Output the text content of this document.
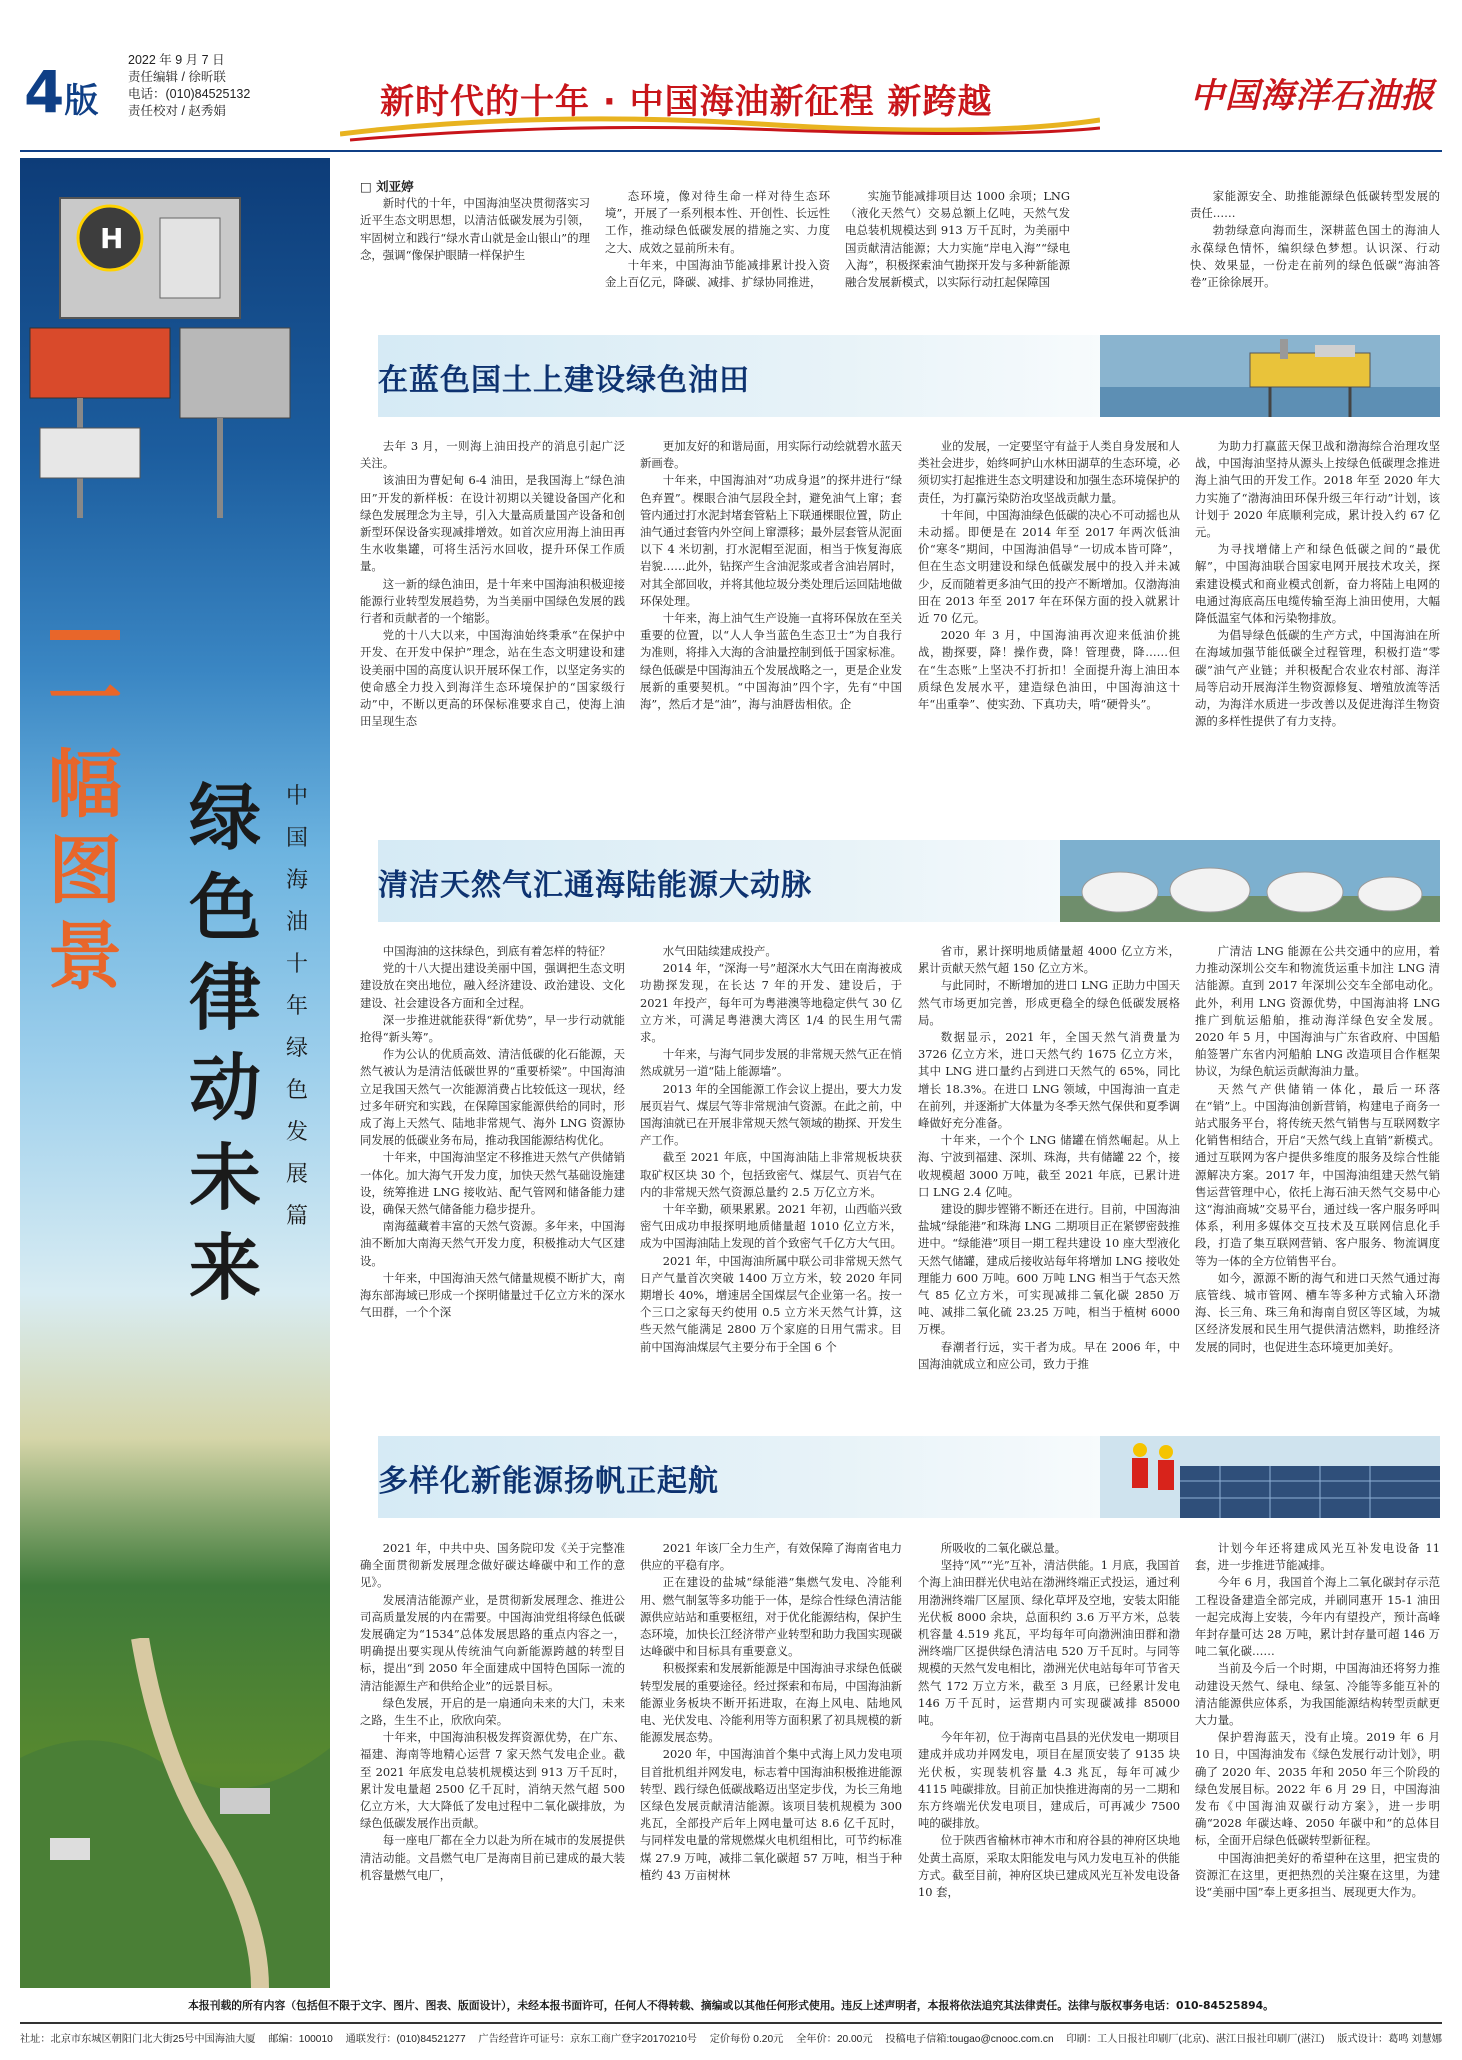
4版
2022 年 9 月 7 日
责任编辑 / 徐昕联
电话：(010)84525132
责任校对 / 赵秀娟	新时代的十年 · 中国海油新征程 新跨越	中国海洋石油报
H
一幅图景
绿色律动未来
中国海油十年绿色发展篇

□ 刘亚婷

新时代的十年，中国海油坚决贯彻落实习近平生态文明思想，以清洁低碳发展为引领，牢固树立和践行“绿水青山就是金山银山”的理念，强调“像保护眼睛一样保护生

态环境，像对待生命一样对待生态环境”，开展了一系列根本性、开创性、长远性工作，推动绿色低碳发展的措施之实、力度之大、成效之显前所未有。

十年来，中国海油节能减排累计投入资金上百亿元，降碳、减排、扩绿协同推进，

实施节能减排项目达 1000 余项；LNG（液化天然气）交易总额上亿吨，天然气发电总装机规模达到 913 万千瓦时，为美丽中国贡献清洁能源；大力实施“岸电入海”“绿电入海”，积极探索油气勘探开发与多种新能源融合发展新模式，以实际行动扛起保障国

家能源安全、助推能源绿色低碳转型发展的责任……

勃勃绿意向海而生，深耕蓝色国土的海油人永葆绿色情怀，编织绿色梦想。认识深、行动快、效果显，一份走在前列的绿色低碳“海油答卷”正徐徐展开。

在蓝色国土上建设绿色油田

去年 3 月，一则海上油田投产的消息引起广泛关注。

该油田为曹妃甸 6-4 油田，是我国海上“绿色油田”开发的新样板：在设计初期以关键设备国产化和绿色发展理念为主导，引入大量高质量国产设备和创新型环保设备实现减排增效。如首次应用海上油田再生水收集罐，可将生活污水回收，提升环保工作质量。

这一新的绿色油田，是十年来中国海油积极迎接能源行业转型发展趋势，为当美丽中国绿色发展的践行者和贡献者的一个缩影。

党的十八大以来，中国海油始终秉承“在保护中开发、在开发中保护”理念，站在生态文明建设和建设美丽中国的高度认识开展环保工作，以坚定务实的使命感全力投入到海洋生态环境保护的“国家级行动”中，不断以更高的环保标准要求自己，使海上油田呈现生态

更加友好的和谐局面，用实际行动绘就碧水蓝天新画卷。

十年来，中国海油对“功成身退”的探井进行“绿色弃置”。棵眼合油气层段全封，避免油气上窜；套管内通过打水泥封堵套管粘上下联通棵眼位置，防止油气通过套管内外空间上窜漂移；最外层套管从泥面以下 4 米切割，打水泥帽至泥面，相当于恢复海底岩貌……此外，钻探产生含油泥浆或者含油岩屑时，对其全部回收，并将其他垃圾分类处理后运回陆地做环保处理。

十年来，海上油气生产设施一直将环保放在至关重要的位置，以“人人争当蓝色生态卫士”为自我行为准则，将排入大海的含油量控制到低于国家标准。绿色低碳是中国海油五个发展战略之一，更是企业发展新的重要契机。“中国海油”四个字，先有“中国海”，然后才是“油”，海与油唇齿相依。企

业的发展，一定要坚守有益于人类自身发展和人类社会进步，始终呵护山水林田湖草的生态环境，必须切实打起推进生态文明建设和加强生态环境保护的责任，为打赢污染防治攻坚战贡献力量。

十年间，中国海油绿色低碳的决心不可动摇也从未动摇。即便是在 2014 年至 2017 年两次低油价“寒冬”期间，中国海油倡导“一切成本皆可降”，但在生态文明建设和绿色低碳发展中的投入并未减少，反而随着更多油气田的投产不断增加。仅渤海油田在 2013 年至 2017 年在环保方面的投入就累计近 70 亿元。

2020 年 3 月，中国海油再次迎来低油价挑战，勘探要，降！操作费，降！管理费，降……但在“生态账”上坚决不打折扣！全面提升海上油田本质绿色发展水平，建造绿色油田，中国海油这十年“出重拳”、使实劲、下真功夫，啃“硬骨头”。

为助力打赢蓝天保卫战和渤海综合治理攻坚战，中国海油坚持从源头上按绿色低碳理念推进海上油气田的开发工作。2018 年至 2020 年大力实施了“渤海油田环保升级三年行动”计划，该计划于 2020 年底顺利完成，累计投入约 67 亿元。

为寻找增储上产和绿色低碳之间的“最优解”，中国海油联合国家电网开展技术攻关，探索建设模式和商业模式创新，奋力将陆上电网的电通过海底高压电缆传输至海上油田使用，大幅降低温室气体和污染物排放。

为倡导绿色低碳的生产方式，中国海油在所在海域加强节能低碳全过程管理，积极打造“零碳”油气产业链；并积极配合农业农村部、海洋局等启动开展海洋生物资源修复、增殖放流等活动，为海洋水质进一步改善以及促进海洋生物资源的多样性提供了有力支持。

清洁天然气汇通海陆能源大动脉

中国海油的这抹绿色，到底有着怎样的特征？

党的十八大提出建设美丽中国，强调把生态文明建设放在突出地位，融入经济建设、政治建设、文化建设、社会建设各方面和全过程。

深一步推进就能获得“新优势”，早一步行动就能抢得“新头筹”。

作为公认的优质高效、清洁低碳的化石能源，天然气被认为是清洁低碳世界的“重要桥梁”。中国海油立足我国天然气一次能源消费占比较低这一现状，经过多年研究和实践，在保障国家能源供给的同时，形成了海上天然气、陆地非常规气、海外 LNG 资源协同发展的低碳业务布局，推动我国能源结构优化。

十年来，中国海油坚定不移推进天然气产供储销一体化。加大海气开发力度，加快天然气基础设施建设，统筹推进 LNG 接收站、配气管网和储备能力建设，确保天然气储备能力稳步提升。

南海蕴藏着丰富的天然气资源。多年来，中国海油不断加大南海天然气开发力度，积极推动大气区建设。

十年来，中国海油天然气储量规模不断扩大，南海东部海域已形成一个探明储量过千亿立方米的深水气田群，一个个深

水气田陆续建成投产。

2014 年，“深海一号”超深水大气田在南海被成功勘探发现，在长达 7 年的开发、建设后，于 2021 年投产，每年可为粤港澳等地稳定供气 30 亿立方米，可满足粤港澳大湾区 1/4 的民生用气需求。

十年来，与海气同步发展的非常规天然气正在悄然成就另一道“陆上能源墙”。

2013 年的全国能源工作会议上提出，要大力发展页岩气、煤层气等非常规油气资源。在此之前，中国海油就已在开展非常规天然气领域的勘探、开发生产工作。

截至 2021 年底，中国海油陆上非常规板块获取矿权区块 30 个，包括致密气、煤层气、页岩气在内的非常规天然气资源总量约 2.5 万亿立方米。

十年辛勤，硕果累累。2021 年初，山西临兴致密气田成功申报探明地质储量超 1010 亿立方米，成为中国海油陆上发现的首个致密气千亿方大气田。

2021 年，中国海油所属中联公司非常规天然气日产气量首次突破 1400 万立方米，较 2020 年同期增长 40%，增速居全国煤层气企业第一名。按一个三口之家每天约使用 0.5 立方米天然气计算，这些天然气能满足 2800 万个家庭的日用气需求。目前中国海油煤层气主要分布于全国 6 个

省市，累计探明地质储量超 4000 亿立方米，累计贡献天然气超 150 亿立方米。

与此同时，不断增加的进口 LNG 正助力中国天然气市场更加完善，形成更稳全的绿色低碳发展格局。

数据显示，2021 年，全国天然气消费量为 3726 亿立方米，进口天然气约 1675 亿立方米，其中 LNG 进口量约占到进口天然气的 65%，同比增长 18.3%。在进口 LNG 领域，中国海油一直走在前列，并逐渐扩大体量为冬季天然气保供和夏季调峰做好充分准备。

十年来，一个个 LNG 储罐在悄然崛起。从上海、宁波到福建、深圳、珠海，共有储罐 22 个，接收规模超 3000 万吨，截至 2021 年底，已累计进口 LNG 2.4 亿吨。

建设的脚步铿锵不断还在进行。目前，中国海油盐城“绿能港”和珠海 LNG 二期项目正在紧锣密鼓推进中。“绿能港”项目一期工程共建设 10 座大型液化天然气储罐，建成后接收站每年将增加 LNG 接收处理能力 600 万吨。600 万吨 LNG 相当于气态天然气 85 亿立方米，可实现减排二氧化碳 2850 万吨、减排二氧化硫 23.25 万吨，相当于植树 6000 万棵。

春潮者行远，实干者为成。早在 2006 年，中国海油就成立和应公司，致力于推

广清洁 LNG 能源在公共交通中的应用，着力推动深圳公交车和物流货运重卡加注 LNG 清洁能源。直到 2017 年深圳公交车全部电动化。此外，利用 LNG 资源优势，中国海油将 LNG 推广到航运船舶，推动海洋绿色安全发展。2020 年 5 月，中国海油与广东省政府、中国船舶签署广东省内河船舶 LNG 改造项目合作框架协议，为绿色航运贡献海油力量。

天然气产供储销一体化，最后一环落在“销”上。中国海油创新营销，构建电子商务一站式服务平台，将传统天然气销售与互联网数字化销售相结合，开启“天然气线上直销”新模式。通过互联网为客户提供多维度的服务及综合性能源解决方案。2017 年，中国海油组建天然气销售运营管理中心，依托上海石油天然气交易中心这“海油商城”交易平台，通过线一客户服务呼叫体系，利用多媒体交互技术及互联网信息化手段，打造了集互联网营销、客户服务、物流调度等为一体的全方位销售平台。

如今，源源不断的海气和进口天然气通过海底管线、城市管网、槽车等多种方式输入环渤海、长三角、珠三角和海南自贸区等区域，为城区经济发展和民生用气提供清洁燃料，助推经济发展的同时，也促进生态环境更加美好。

多样化新能源扬帆正起航

2021 年，中共中央、国务院印发《关于完整准确全面贯彻新发展理念做好碳达峰碳中和工作的意见》。

发展清洁能源产业，是贯彻新发展理念、推进公司高质量发展的内在需要。中国海油党组将绿色低碳发展确定为“1534”总体发展思路的重点内容之一，明确提出要实现从传统油气向新能源跨越的转型目标，提出“到 2050 年全面建成中国特色国际一流的清洁能源生产和供给企业”的远景目标。

绿色发展，开启的是一扇通向未来的大门，未来之路，生生不止，欣欣向荣。

十年来，中国海油积极发挥资源优势，在广东、福建、海南等地精心运营 7 家天然气发电企业。截至 2021 年底发电总装机规模达到 913 万千瓦时，累计发电量超 2500 亿千瓦时，消纳天然气超 500 亿立方米，大大降低了发电过程中二氧化碳排放，为绿色低碳发展作出贡献。

每一座电厂都在全力以赴为所在城市的发展提供清洁动能。文昌燃气电厂是海南目前已建成的最大装机容量燃气电厂，

2021 年该厂全力生产，有效保障了海南省电力供应的平稳有序。

正在建设的盐城“绿能港”集燃气发电、冷能利用、燃气制氢等多功能于一体，是综合性绿色清洁能源供应站站和重要枢纽，对于优化能源结构，保护生态环境，加快长江经济带产业转型和助力我国实现碳达峰碳中和目标具有重要意义。

积极探索和发展新能源是中国海油寻求绿色低碳转型发展的重要途径。经过探索和布局，中国海油新能源业务板块不断开拓进取，在海上风电、陆地风电、光伏发电、冷能利用等方面积累了初具规模的新能源发展态势。

2020 年，中国海油首个集中式海上风力发电项目首批机组并网发电，标志着中国海油积极推进能源转型、践行绿色低碳战略迈出坚定步伐，为长三角地区绿色发展贡献清洁能源。该项目装机规模为 300 兆瓦，全部投产后年上网电量可达 8.6 亿千瓦时，与同样发电量的常规燃煤火电机组相比，可节约标准煤 27.9 万吨，减排二氧化碳超 57 万吨，相当于种植约 43 万亩树林

所吸收的二氧化碳总量。

坚持“风”“光”互补，清洁供能。1 月底，我国首个海上油田群光伏电站在渤洲终端正式投运，通过利用渤洲终端厂区屋顶、绿化草坪及空地，安装太阳能光伏板 8000 余块，总面积约 3.6 万平方米，总装机容量 4.519 兆瓦，平均每年可向渤洲油田群和渤洲终端厂区提供绿色清洁电 520 万千瓦时。与同等规模的天然气发电相比，渤洲光伏电站每年可节省天然气 172 万立方米，截至 3 月底，已经累计发电 146 万千瓦时，运营期内可实现碳减排 85000 吨。

今年年初，位于海南屯昌县的光伏发电一期项目建成并成功并网发电，项目在屋顶安装了 9135 块光伏板，实现装机容量 4.3 兆瓦，每年可减少 4115 吨碳排放。目前正加快推进海南的另一二期和东方终端光伏发电项目，建成后，可再减少 7500 吨的碳排放。

位于陕西省榆林市神木市和府谷县的神府区块地处黄土高原，采取太阳能发电与风力发电互补的供能方式。截至目前，神府区块已建成风光互补发电设备 10 套，

计划今年还将建成风光互补发电设备 11 套，进一步推进节能减排。

今年 6 月，我国首个海上二氧化碳封存示范工程设备建造全部完成，并刷同惠开 15-1 油田一起完成海上安装，今年内有望投产，预计高峰年封存量可达 28 万吨，累计封存量可超 146 万吨二氧化碳……

当前及今后一个时期，中国海油还将努力推动建设天然气、绿电、绿氢、冷能等多能互补的清洁能源供应体系，为我国能源结构转型贡献更大力量。

保护碧海蓝天，没有止境。2019 年 6 月 10 日，中国海油发布《绿色发展行动计划》，明确了 2020 年、2035 年和 2050 年三个阶段的绿色发展目标。2022 年 6 月 29 日，中国海油发布《中国海油双碳行动方案》，进一步明确“2028 年碳达峰、2050 年碳中和”的总体目标，全面开启绿色低碳转型新征程。

中国海油把美好的希望种在这里，把宝贵的资源汇在这里，更把热烈的关注聚在这里，为建设“美丽中国”奉上更多担当、展现更大作为。

本报刊载的所有内容（包括但不限于文字、图片、图表、版面设计），未经本报书面许可，任何人不得转载、摘编或以其他任何形式使用。违反上述声明者，本报将依法追究其法律责任。法律与版权事务电话：010-84525894。
社址：北京市东城区朝阳门北大街25号中国海油大厦 邮编：100010 通联发行：(010)84521277 广告经营许可证号：京东工商广登字20170210号 定价每份 0.20元 全年价：20.00元 投稿电子信箱:tougao@cnooc.com.cn 印刷：工人日报社印刷厂(北京)、湛江日报社印刷厂(湛江) 版式设计：葛鸣 刘慧娜
